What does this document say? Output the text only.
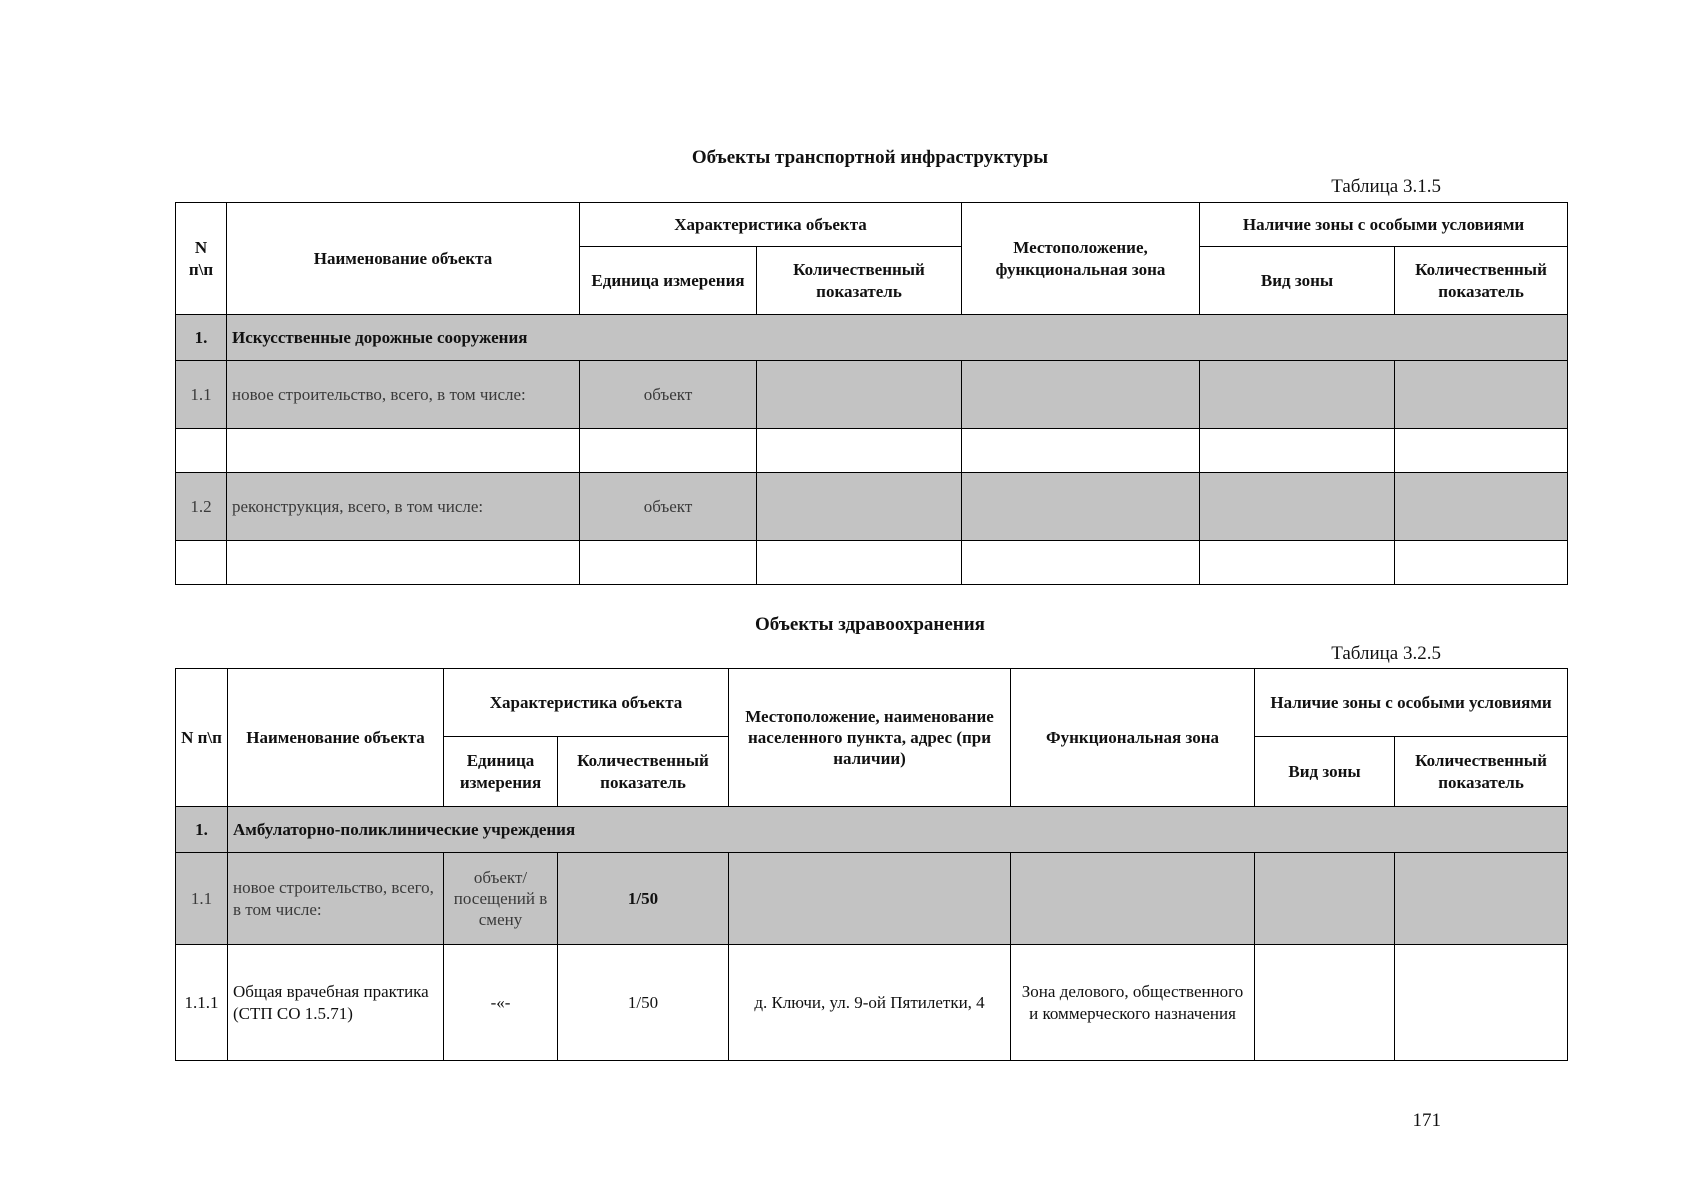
Объекты транспортной инфраструктуры
Таблица 3.1.5
N п\п	Наименование объекта	Характеристика объекта		Местоположение, функциональная зона	Наличие зоны с особыми условиями	
		Единица измерения	Количественный показатель		Вид зоны	Количественный показатель
1.	Искусственные дорожные сооружения					
1.1	новое строительство, всего, в том числе:	объект				

1.2	реконструкция, всего, в том числе:	объект				

Объекты здравоохранения
Таблица 3.2.5
N п\п	Наименование объекта	Характеристика объекта		Местоположение, наименование населенного пункта, адрес (при наличии)	Функциональная зона	Наличие зоны с особыми условиями	
		Единица измерения	Количественный показатель			Вид зоны	Количественный показатель
1.	Амбулаторно-поликлинические учреждения						
1.1	новое строительство, всего, в том числе:	объект/ посещений в смену	1/50				
1.1.1	Общая врачебная практика (СТП СО 1.5.71)	-«-	1/50	д. Ключи, ул. 9-ой Пятилетки, 4	Зона делового, общественного и коммерческого назначения		
171
